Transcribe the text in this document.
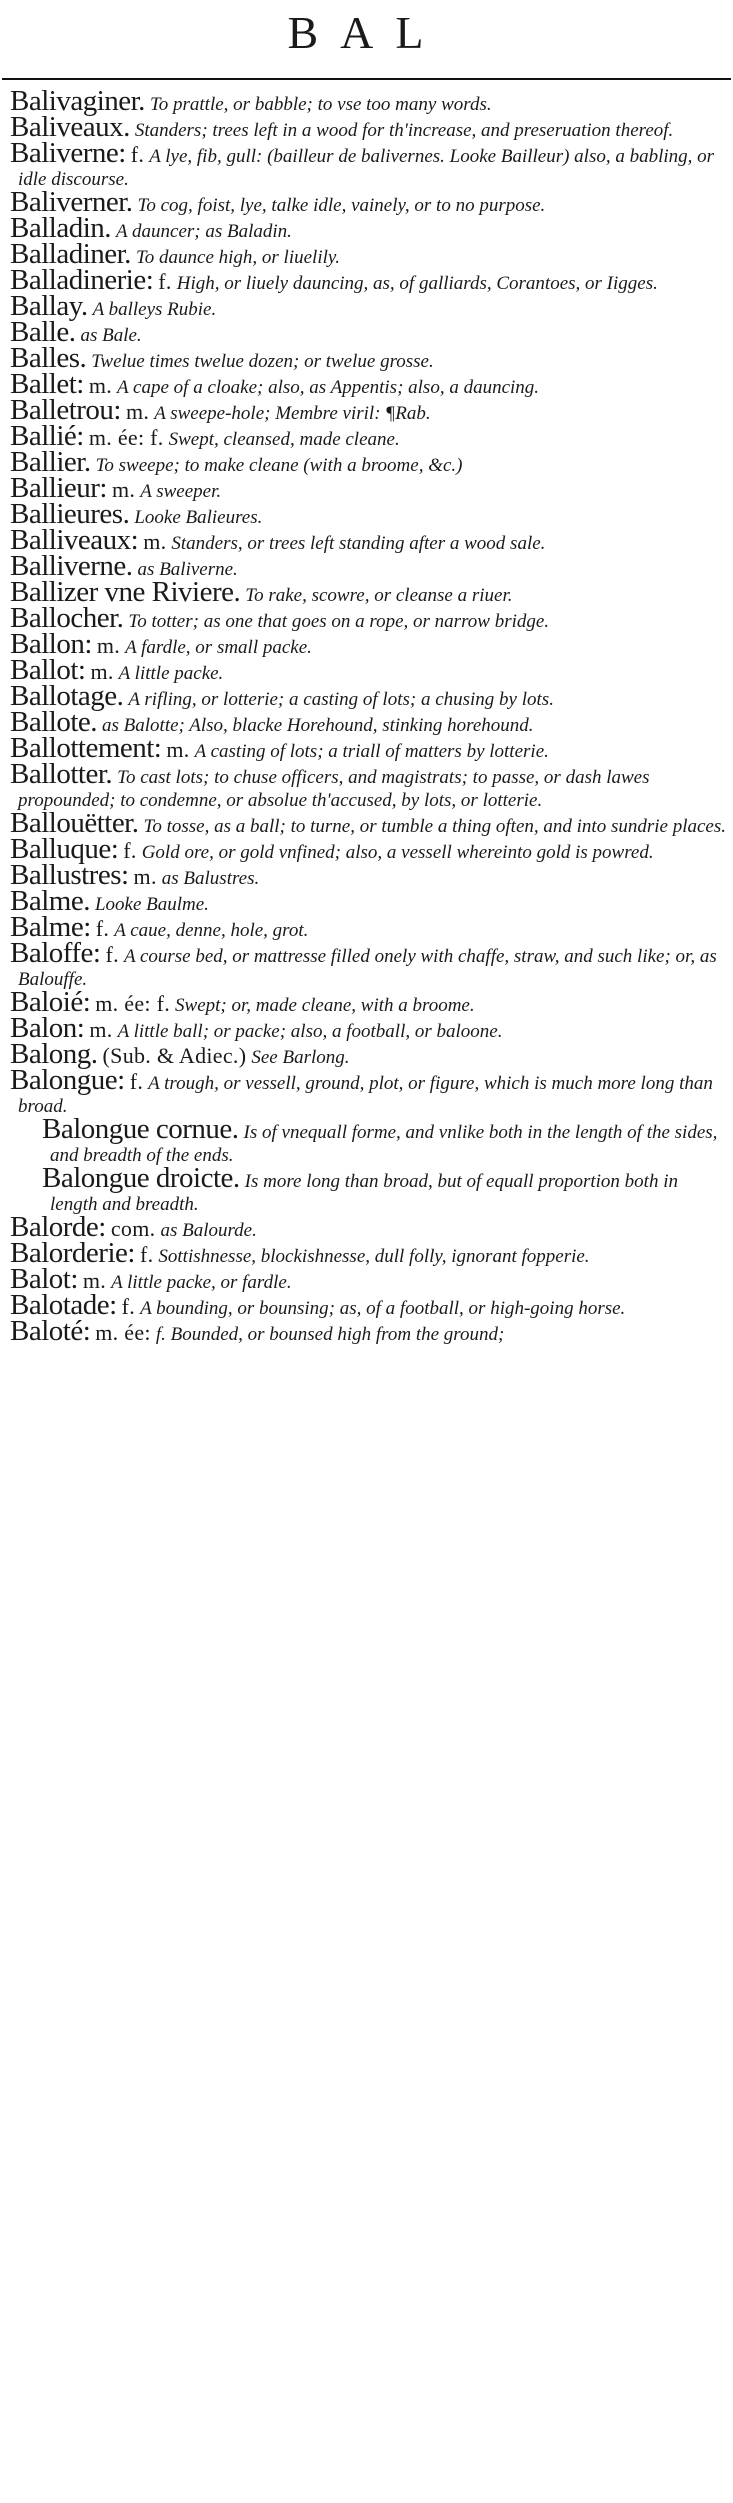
BAL

Balivaginer. To prattle, or babble; to vse too many words.

Baliveaux. Standers; trees left in a wood for th'increase, and preseruation thereof.

Baliverne: f. A lye, fib, gull: (bailleur de balivernes. Looke Bailleur) also, a babling, or idle discourse.

Baliverner. To cog, foist, lye, talke idle, vainely, or to no purpose.

Balladin. A dauncer; as Baladin.

Balladiner. To daunce high, or liuelily.

Balladinerie: f. High, or liuely dauncing, as, of galliards, Corantoes, or Iigges.

Ballay. A balleys Rubie.

Balle. as Bale.

Balles. Twelue times twelue dozen; or twelue grosse.

Ballet: m. A cape of a cloake; also, as Appentis; also, a dauncing.

Balletrou: m. A sweepe-hole; Membre viril: ¶Rab.

Ballié: m. ée: f. Swept, cleansed, made cleane.

Ballier. To sweepe; to make cleane (with a broome, &c.)

Ballieur: m. A sweeper.

Ballieures. Looke Balieures.

Balliveaux: m. Standers, or trees left standing after a wood sale.

Balliverne. as Baliverne.

Ballizer vne Riviere. To rake, scowre, or cleanse a riuer.

Ballocher. To totter; as one that goes on a rope, or narrow bridge.

Ballon: m. A fardle, or small packe.

Ballot: m. A little packe.

Ballotage. A rifling, or lotterie; a casting of lots; a chusing by lots.

Ballote. as Balotte; Also, blacke Horehound, stinking horehound.

Ballottement: m. A casting of lots; a triall of matters by lotterie.

Ballotter. To cast lots; to chuse officers, and magistrats; to passe, or dash lawes propounded; to condemne, or absolue th'accused, by lots, or lotterie.

Ballouëtter. To tosse, as a ball; to turne, or tumble a thing often, and into sundrie places.

Balluque: f. Gold ore, or gold vnfined; also, a vessell whereinto gold is powred.

Ballustres: m. as Balustres.

Balme. Looke Baulme.

Balme: f. A caue, denne, hole, grot.

Baloffe: f. A course bed, or mattresse filled onely with chaffe, straw, and such like; or, as Balouffe.

Baloié: m. ée: f. Swept; or, made cleane, with a broome.

Balon: m. A little ball; or packe; also, a football, or baloone.

Balong. (Sub. & Adiec.) See Barlong.

Balongue: f. A trough, or vessell, ground, plot, or figure, which is much more long than broad.

Balongue cornue. Is of vnequall forme, and vnlike both in the length of the sides, and breadth of the ends.

Balongue droicte. Is more long than broad, but of equall proportion both in length and breadth.

Balorde: com. as Balourde.

Balorderie: f. Sottishnesse, blockishnesse, dull folly, ignorant fopperie.

Balot: m. A little packe, or fardle.

Balotade: f. A bounding, or bounsing; as, of a football, or high-going horse.

Baloté: m. ée: f. Bounded, or bounsed high from the ground;
